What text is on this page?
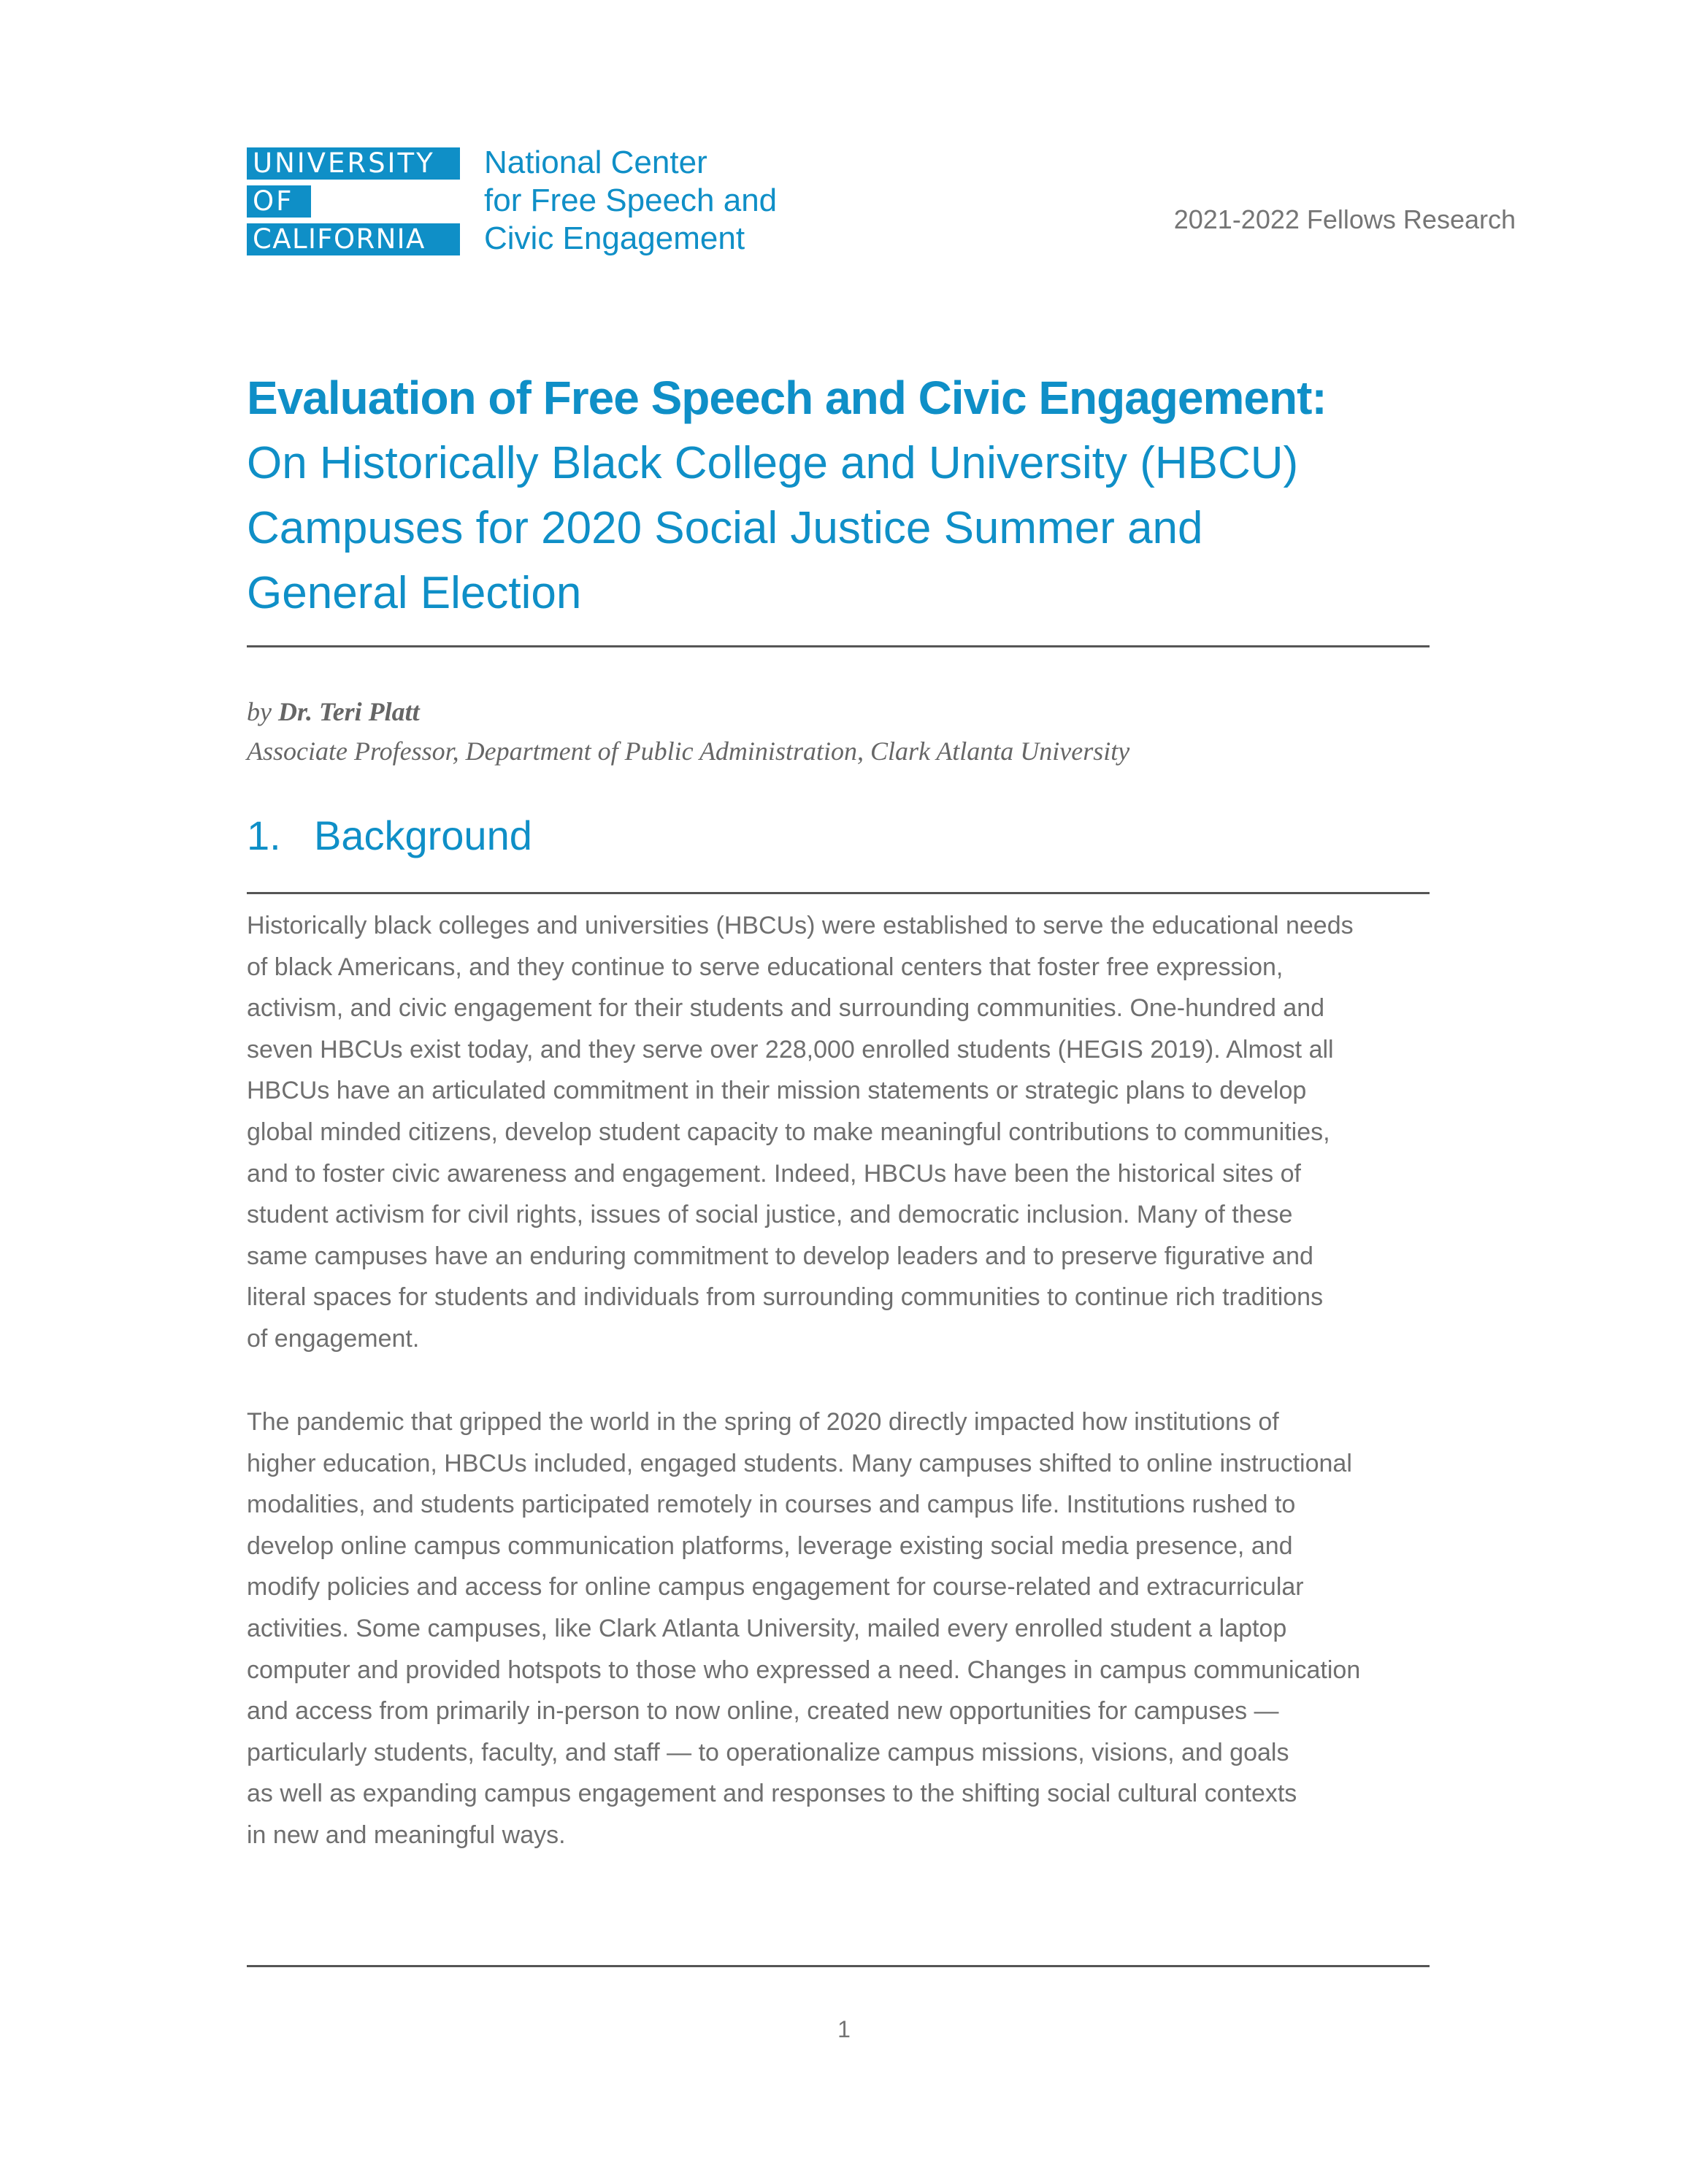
UNIVERSITY
OF
CALIFORNIA
National Center
for Free Speech and
Civic Engagement
2021-2022 Fellows Research
Evaluation of Free Speech and Civic Engagement:
On Historically Black College and University (HBCU)
Campuses for 2020 Social Justice Summer and
General Election
by Dr. Teri Platt
Associate Professor, Department of Public Administration, Clark Atlanta University
1. Background
Historically black colleges and universities (HBCUs) were established to serve the educational needs
of black Americans, and they continue to serve educational centers that foster free expression,
activism, and civic engagement for their students and surrounding communities. One-hundred and
seven HBCUs exist today, and they serve over 228,000 enrolled students (HEGIS 2019). Almost all
HBCUs have an articulated commitment in their mission statements or strategic plans to develop
global minded citizens, develop student capacity to make meaningful contributions to communities,
and to foster civic awareness and engagement. Indeed, HBCUs have been the historical sites of
student activism for civil rights, issues of social justice, and democratic inclusion. Many of these
same campuses have an enduring commitment to develop leaders and to preserve figurative and
literal spaces for students and individuals from surrounding communities to continue rich traditions
of engagement.
The pandemic that gripped the world in the spring of 2020 directly impacted how institutions of
higher education, HBCUs included, engaged students. Many campuses shifted to online instructional
modalities, and students participated remotely in courses and campus life. Institutions rushed to
develop online campus communication platforms, leverage existing social media presence, and
modify policies and access for online campus engagement for course-related and extracurricular
activities. Some campuses, like Clark Atlanta University, mailed every enrolled student a laptop
computer and provided hotspots to those who expressed a need. Changes in campus communication
and access from primarily in-person to now online, created new opportunities for campuses —
particularly students, faculty, and staff — to operationalize campus missions, visions, and goals
as well as expanding campus engagement and responses to the shifting social cultural contexts
in new and meaningful ways.
1
